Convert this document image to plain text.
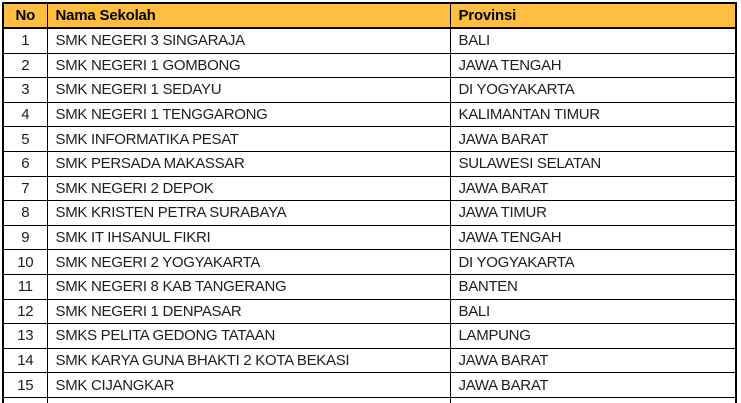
No	Nama Sekolah	Provinsi
1	SMK NEGERI 3 SINGARAJA	BALI
2	SMK NEGERI 1 GOMBONG	JAWA TENGAH
3	SMK NEGERI 1 SEDAYU	DI YOGYAKARTA
4	SMK NEGERI 1 TENGGARONG	KALIMANTAN TIMUR
5	SMK INFORMATIKA PESAT	JAWA BARAT
6	SMK PERSADA MAKASSAR	SULAWESI SELATAN
7	SMK NEGERI 2 DEPOK	JAWA BARAT
8	SMK KRISTEN PETRA SURABAYA	JAWA TIMUR
9	SMK IT IHSANUL FIKRI	JAWA TENGAH
10	SMK NEGERI 2 YOGYAKARTA	DI YOGYAKARTA
11	SMK NEGERI 8 KAB TANGERANG	BANTEN
12	SMK NEGERI 1 DENPASAR	BALI
13	SMKS PELITA GEDONG TATAAN	LAMPUNG
14	SMK KARYA GUNA BHAKTI 2 KOTA BEKASI	JAWA BARAT
15	SMK CIJANGKAR	JAWA BARAT
